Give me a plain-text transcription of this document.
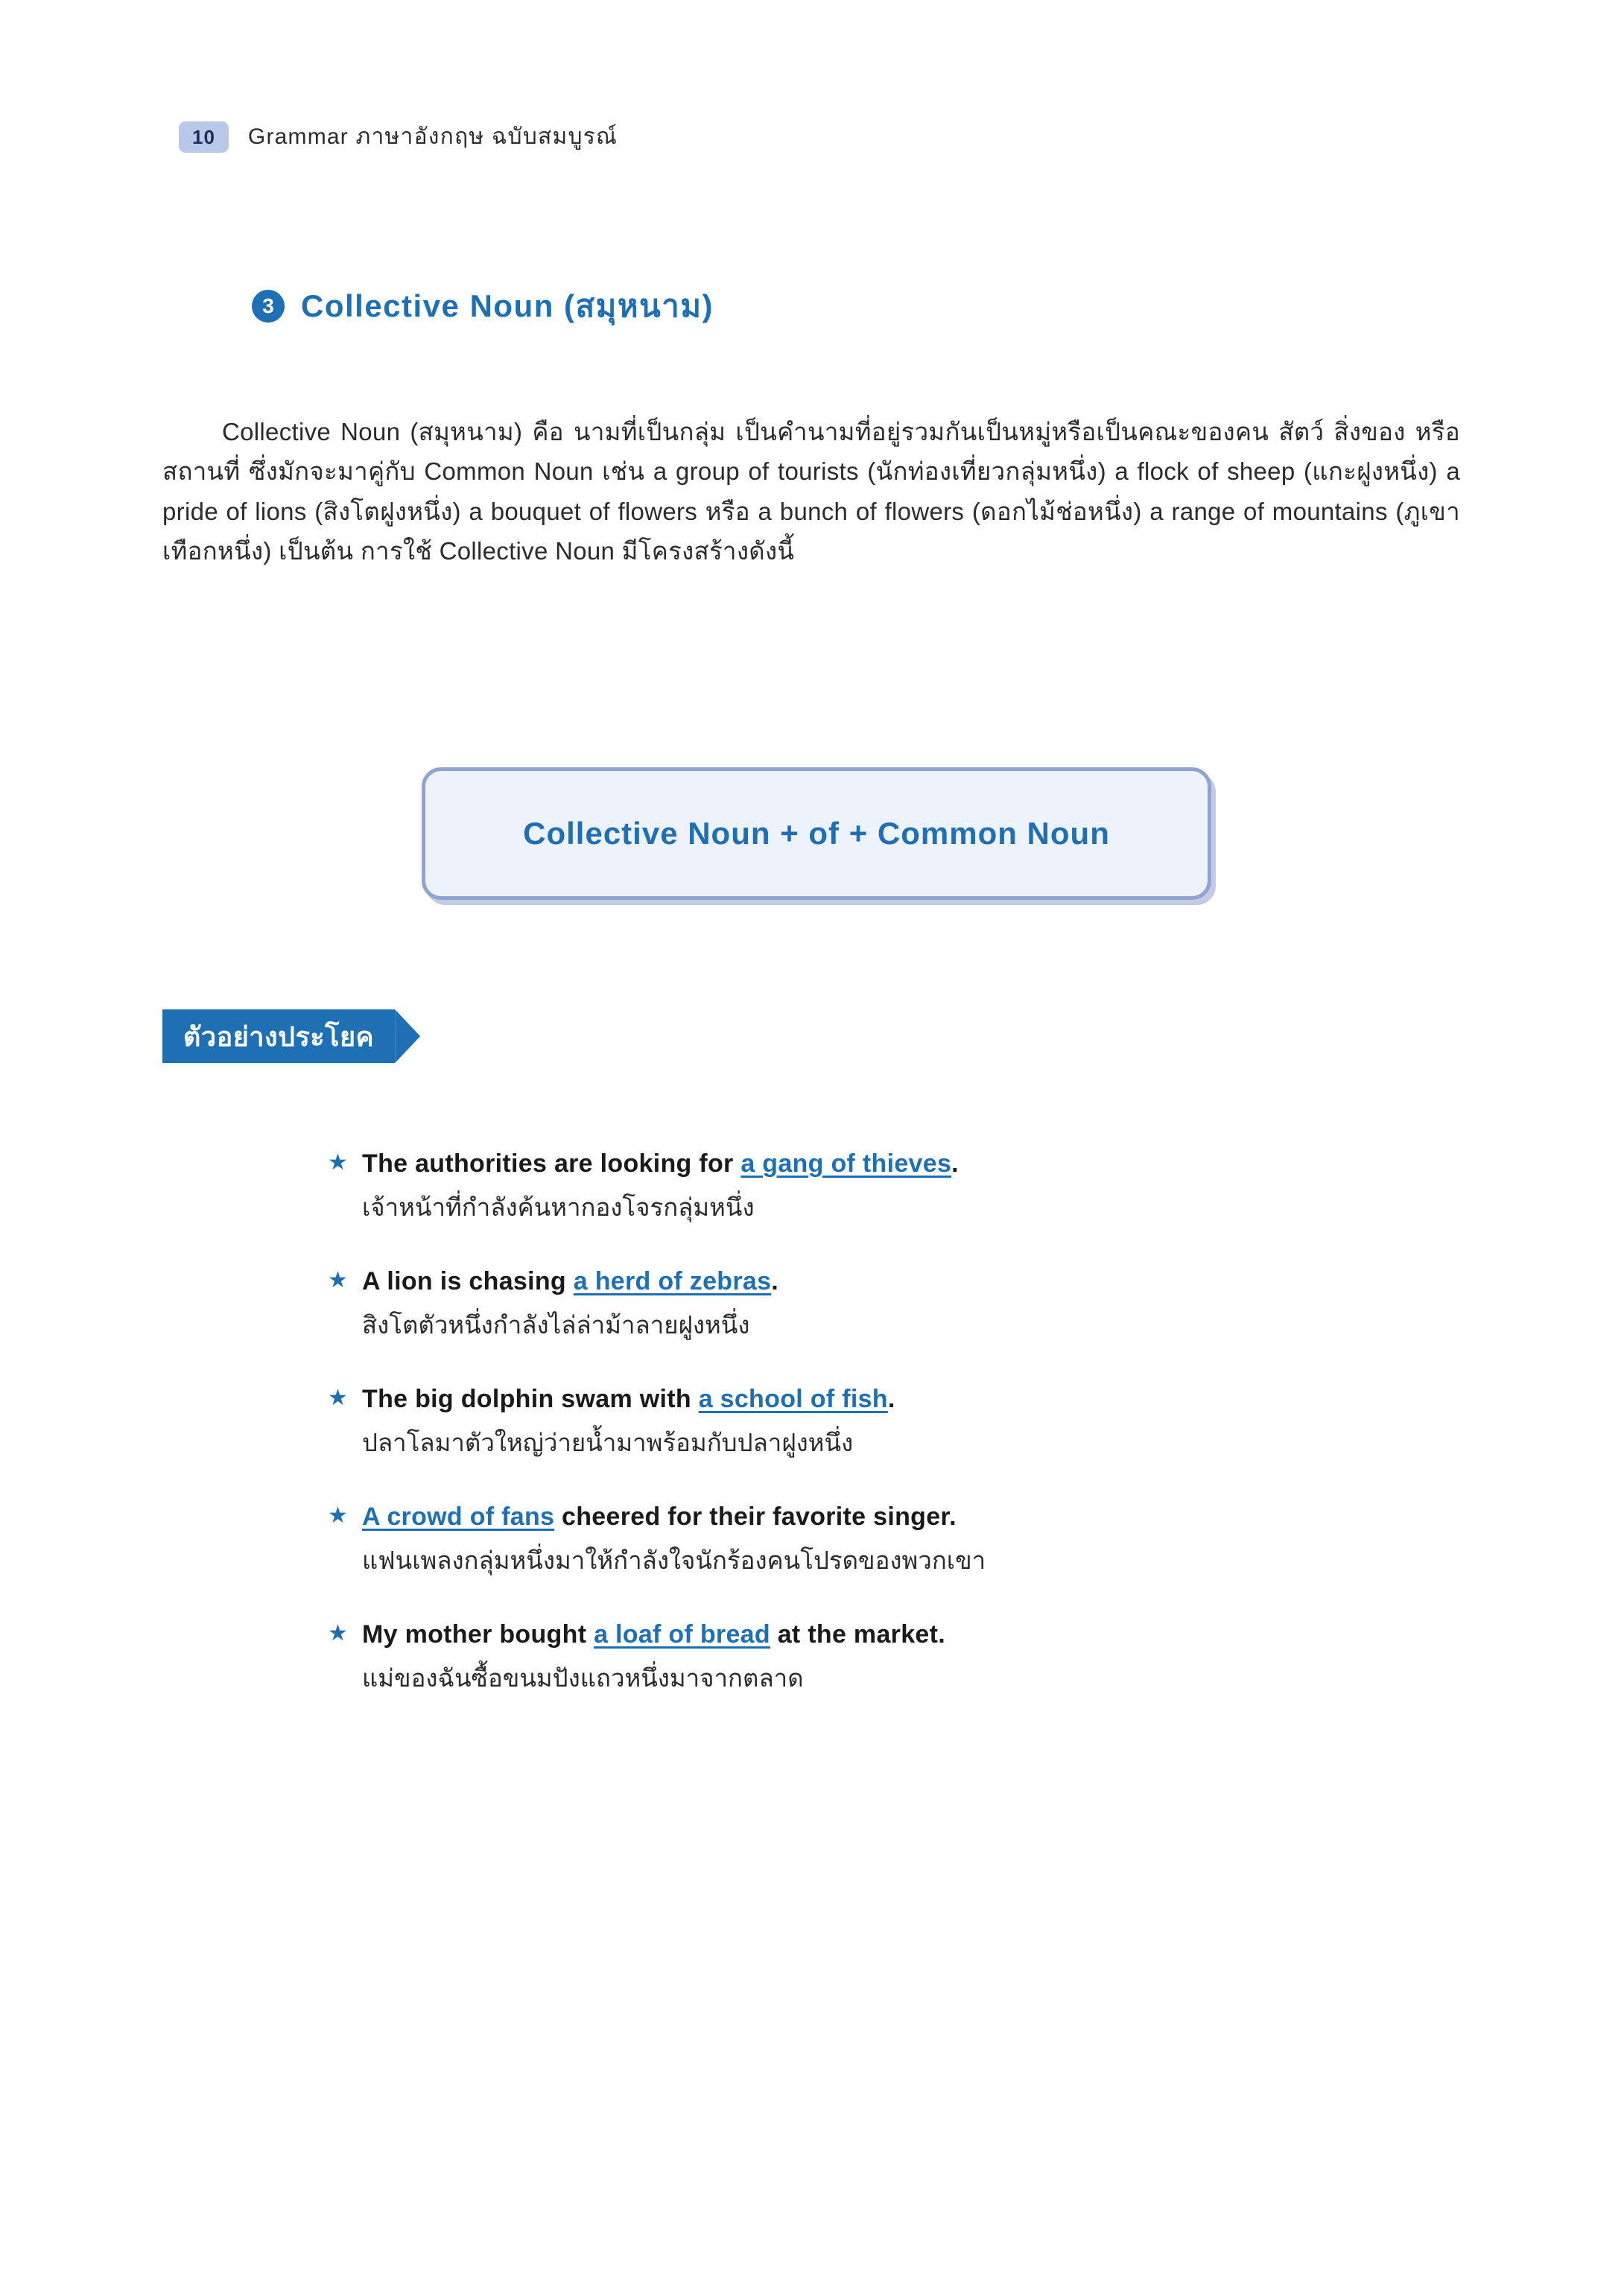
10	Grammar ภาษาอังกฤษ ฉบับสมบูรณ์
3 Collective Noun (สมุหนาม)

Collective Noun (สมุหนาม) คือ นามที่เป็นกลุ่ม เป็นคำนามที่อยู่รวมกันเป็นหมู่หรือเป็นคณะของคน สัตว์ สิ่งของ หรือสถานที่ ซึ่งมักจะมาคู่กับ Common Noun เช่น a group of tourists (นักท่องเที่ยวกลุ่มหนึ่ง) a flock of sheep (แกะฝูงหนึ่ง) a pride of lions (สิงโตฝูงหนึ่ง) a bouquet of flowers หรือ a bunch of flowers (ดอกไม้ช่อหนึ่ง) a range of mountains (ภูเขาเทือกหนึ่ง) เป็นต้น การใช้ Collective Noun มีโครงสร้างดังนี้

Collective Noun + of + Common Noun
ตัวอย่างประโยค
★ The authorities are looking for a gang of thieves.
เจ้าหน้าที่กำลังค้นหากองโจรกลุ่มหนึ่ง
★ A lion is chasing a herd of zebras.
สิงโตตัวหนึ่งกำลังไล่ล่าม้าลายฝูงหนึ่ง
★ The big dolphin swam with a school of fish.
ปลาโลมาตัวใหญ่ว่ายน้ำมาพร้อมกับปลาฝูงหนึ่ง
★ A crowd of fans cheered for their favorite singer.
แฟนเพลงกลุ่มหนึ่งมาให้กำลังใจนักร้องคนโปรดของพวกเขา
★ My mother bought a loaf of bread at the market.
แม่ของฉันซื้อขนมปังแถวหนึ่งมาจากตลาด
